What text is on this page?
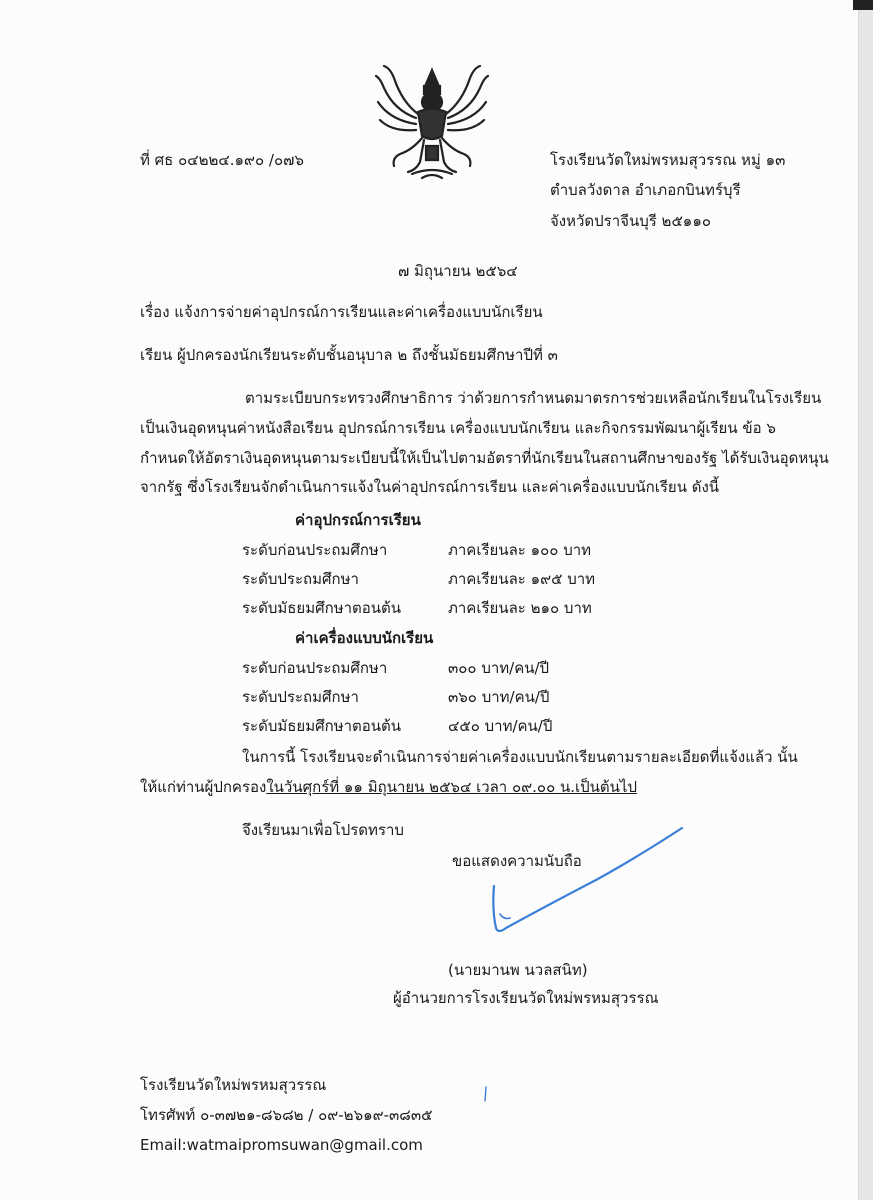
ที่ ศธ ๐๔๒๒๔.๑๙๐ /๐๗๖	โรงเรียนวัดใหม่พรหมสุวรรณ หมู่ ๑๓
ตำบลวังดาล อำเภอกบินทร์บุรี
จังหวัดปราจีนบุรี ๒๕๑๑๐
๗ มิถุนายน ๒๕๖๔
เรื่อง แจ้งการจ่ายค่าอุปกรณ์การเรียนและค่าเครื่องแบบนักเรียน
เรียน ผู้ปกครองนักเรียนระดับชั้นอนุบาล ๒ ถึงชั้นมัธยมศึกษาปีที่ ๓
ตามระเบียบกระทรวงศึกษาธิการ ว่าด้วยการกำหนดมาตรการช่วยเหลือนักเรียนในโรงเรียน
เป็นเงินอุดหนุนค่าหนังสือเรียน อุปกรณ์การเรียน เครื่องแบบนักเรียน และกิจกรรมพัฒนาผู้เรียน ข้อ ๖
กำหนดให้อัตราเงินอุดหนุนตามระเบียบนี้ให้เป็นไปตามอัตราที่นักเรียนในสถานศึกษาของรัฐ ได้รับเงินอุดหนุน
จากรัฐ ซึ่งโรงเรียนจักดำเนินการแจ้งในค่าอุปกรณ์การเรียน และค่าเครื่องแบบนักเรียน ดังนี้
ค่าอุปกรณ์การเรียน
ระดับก่อนประถมศึกษา	ภาคเรียนละ ๑๐๐ บาท
ระดับประถมศึกษา	ภาคเรียนละ ๑๙๕ บาท
ระดับมัธยมศึกษาตอนต้น	ภาคเรียนละ ๒๑๐ บาท
ค่าเครื่องแบบนักเรียน
ระดับก่อนประถมศึกษา	๓๐๐ บาท/คน/ปี
ระดับประถมศึกษา	๓๖๐ บาท/คน/ปี
ระดับมัธยมศึกษาตอนต้น	๔๕๐ บาท/คน/ปี
ในการนี้ โรงเรียนจะดำเนินการจ่ายค่าเครื่องแบบนักเรียนตามรายละเอียดที่แจ้งแล้ว นั้น
ให้แก่ท่านผู้ปกครองในวันศุกร์ที่ ๑๑ มิถุนายน ๒๕๖๔ เวลา ๐๙.๐๐ น.เป็นต้นไป
จึงเรียนมาเพื่อโปรดทราบ
ขอแสดงความนับถือ
(นายมานพ นวลสนิท)
ผู้อำนวยการโรงเรียนวัดใหม่พรหมสุวรรณ
โรงเรียนวัดใหม่พรหมสุวรรณ
โทรศัพท์ ๐-๓๗๒๑-๘๖๘๒ / ๐๙-๒๖๑๙-๓๘๓๕
Email:watmaipromsuwan@gmail.com
